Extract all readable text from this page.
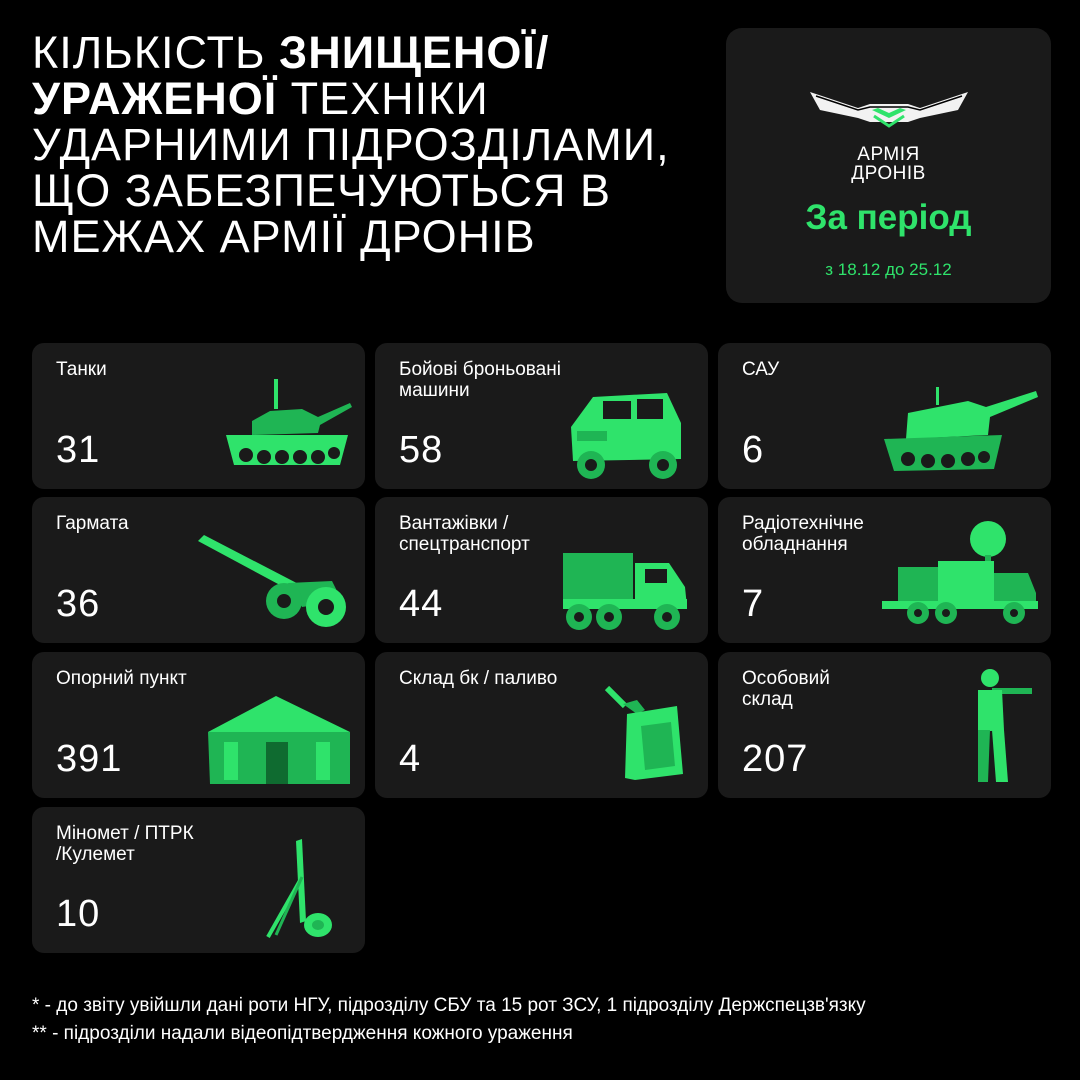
КІЛЬКІСТЬ ЗНИЩЕНОЇ/
УРАЖЕНОЇ ТЕХНІКИ УДАРНИМИ ПІДРОЗДІЛАМИ, ЩО ЗАБЕЗПЕЧУЮТЬСЯ В МЕЖАХ АРМІЇ ДРОНІВ
АРМІЯ
ДРОНІВ
За період
з 18.12 до 25.12
Танки
31
Бойові броньовані
машини
58
САУ
6
Гармата
36
Вантажівки /
спецтранспорт
44
Радіотехнічне
обладнання
7
Опорний пункт
391
Склад бк / паливо
4
Особовий
склад
207
Міномет / ПТРК
/Кулемет
10
* - до звіту увійшли дані роти НГУ, підрозділу СБУ та 15 рот ЗСУ, 1 підрозділу Держспецзв'язку
** - підрозділи надали відеопідтвердження кожного ураження
